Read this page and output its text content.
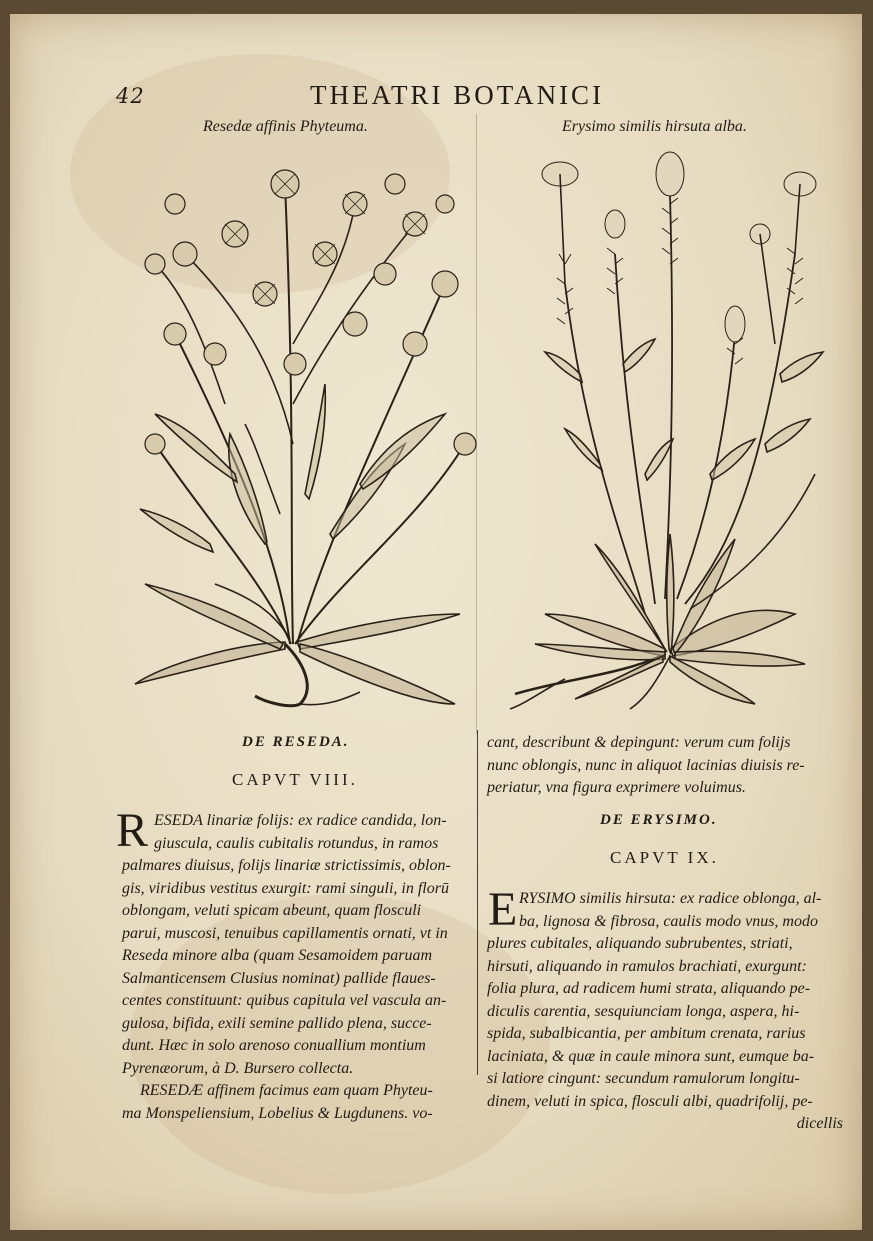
42	THEATRI BOTANICI
Resedæ affinis Phyteuma.	Erysimo similis hirsuta alba.
DE RESEDA.
CAPVT VIII.
R ESEDA linariæ folijs: ex radice candida, lon-
giuscula, caulis cubitalis rotundus, in ramos
palmares diuisus, folijs linariæ strictissimis, oblon-
gis, viridibus vestitus exurgit: rami singuli, in florū
oblongam, veluti spicam abeunt, quam flosculi
parui, muscosi, tenuibus capillamentis ornati, vt in
Reseda minore alba (quam Sesamoidem paruam
Salmanticensem Clusius nominat) pallide flaues-
centes constituunt: quibus capitula vel vascula an-
gulosa, bifida, exili semine pallido plena, succe-
dunt. Hæc in solo arenoso conuallium montium
Pyrenæorum, à D. Bursero collecta.
RESEDÆ affinem facimus eam quam Phyteu-
ma Monspeliensium, Lobelius & Lugdunens. vo-
cant, describunt & depingunt: verum cum folijs
nunc oblongis, nunc in aliquot lacinias diuisis re-
periatur, vna figura exprimere voluimus.
DE ERYSIMO.
CAPVT IX.
E RYSIMO similis hirsuta: ex radice oblonga, al-
ba, lignosa & fibrosa, caulis modo vnus, modo
plures cubitales, aliquando subrubentes, striati,
hirsuti, aliquando in ramulos brachiati, exurgunt:
folia plura, ad radicem humi strata, aliquando pe-
diculis carentia, sesquiunciam longa, aspera, hi-
spida, subalbicantia, per ambitum crenata, rarius
laciniata, & quæ in caule minora sunt, eumque ba-
si latiore cingunt: secundum ramulorum longitu-
dinem, veluti in spica, flosculi albi, quadrifolij, pe-
dicellis
